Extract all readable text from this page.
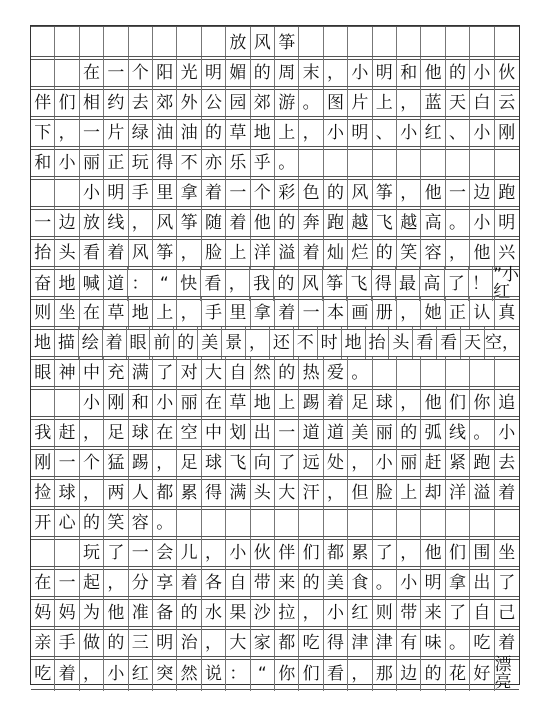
放 风 筝
在 一 个 阳 光 明 媚 的 周 末 ， 小 明 和 他 的 小 伙
伴 们 相 约 去 郊 外 公 园 郊 游 。 图 片 上 ， 蓝 天 白 云
下 ， 一 片 绿 油 油 的 草 地 上 ， 小 明 、 小 红 、 小 刚
和 小 丽 正 玩 得 不 亦 乐 乎 。
小 明 手 里 拿 着 一 个 彩 色 的 风 筝 ， 他 一 边 跑
一 边 放 线 ， 风 筝 随 着 他 的 奔 跑 越 飞 越 高 。 小 明
抬 头 看 着 风 筝 ， 脸 上 洋 溢 着 灿 烂 的 笑 容 ， 他 兴
奋 地 喊 道 ： “ 快 看 ， 我 的 风 筝 飞 得 最 高 了 ！ ”小红
则 坐 在 草 地 上 ， 手 里 拿 着 一 本 画 册 ， 她 正 认 真
地 描 绘 着 眼 前 的 美 景 ， 还 不 时 地 抬 头 看 看 天 空，
眼 神 中 充 满 了 对 大 自 然 的 热 爱 。
小 刚 和 小 丽 在 草 地 上 踢 着 足 球 ， 他 们 你 追
我 赶 ， 足 球 在 空 中 划 出 一 道 道 美 丽 的 弧 线 。 小
刚 一 个 猛 踢 ， 足 球 飞 向 了 远 处 ， 小 丽 赶 紧 跑 去
捡 球 ， 两 人 都 累 得 满 头 大 汗 ， 但 脸 上 却 洋 溢 着
开 心 的 笑 容 。
玩 了 一 会 儿 ， 小 伙 伴 们 都 累 了 ， 他 们 围 坐
在 一 起 ， 分 享 着 各 自 带 来 的 美 食 。 小 明 拿 出 了
妈 妈 为 他 准 备 的 水 果 沙 拉 ， 小 红 则 带 来 了 自 己
亲 手 做 的 三 明 治 ， 大 家 都 吃 得 津 津 有 味 。 吃 着
吃 着 ， 小 红 突 然 说 ： “ 你 们 看 ， 那 边 的 花 好 漂亮
